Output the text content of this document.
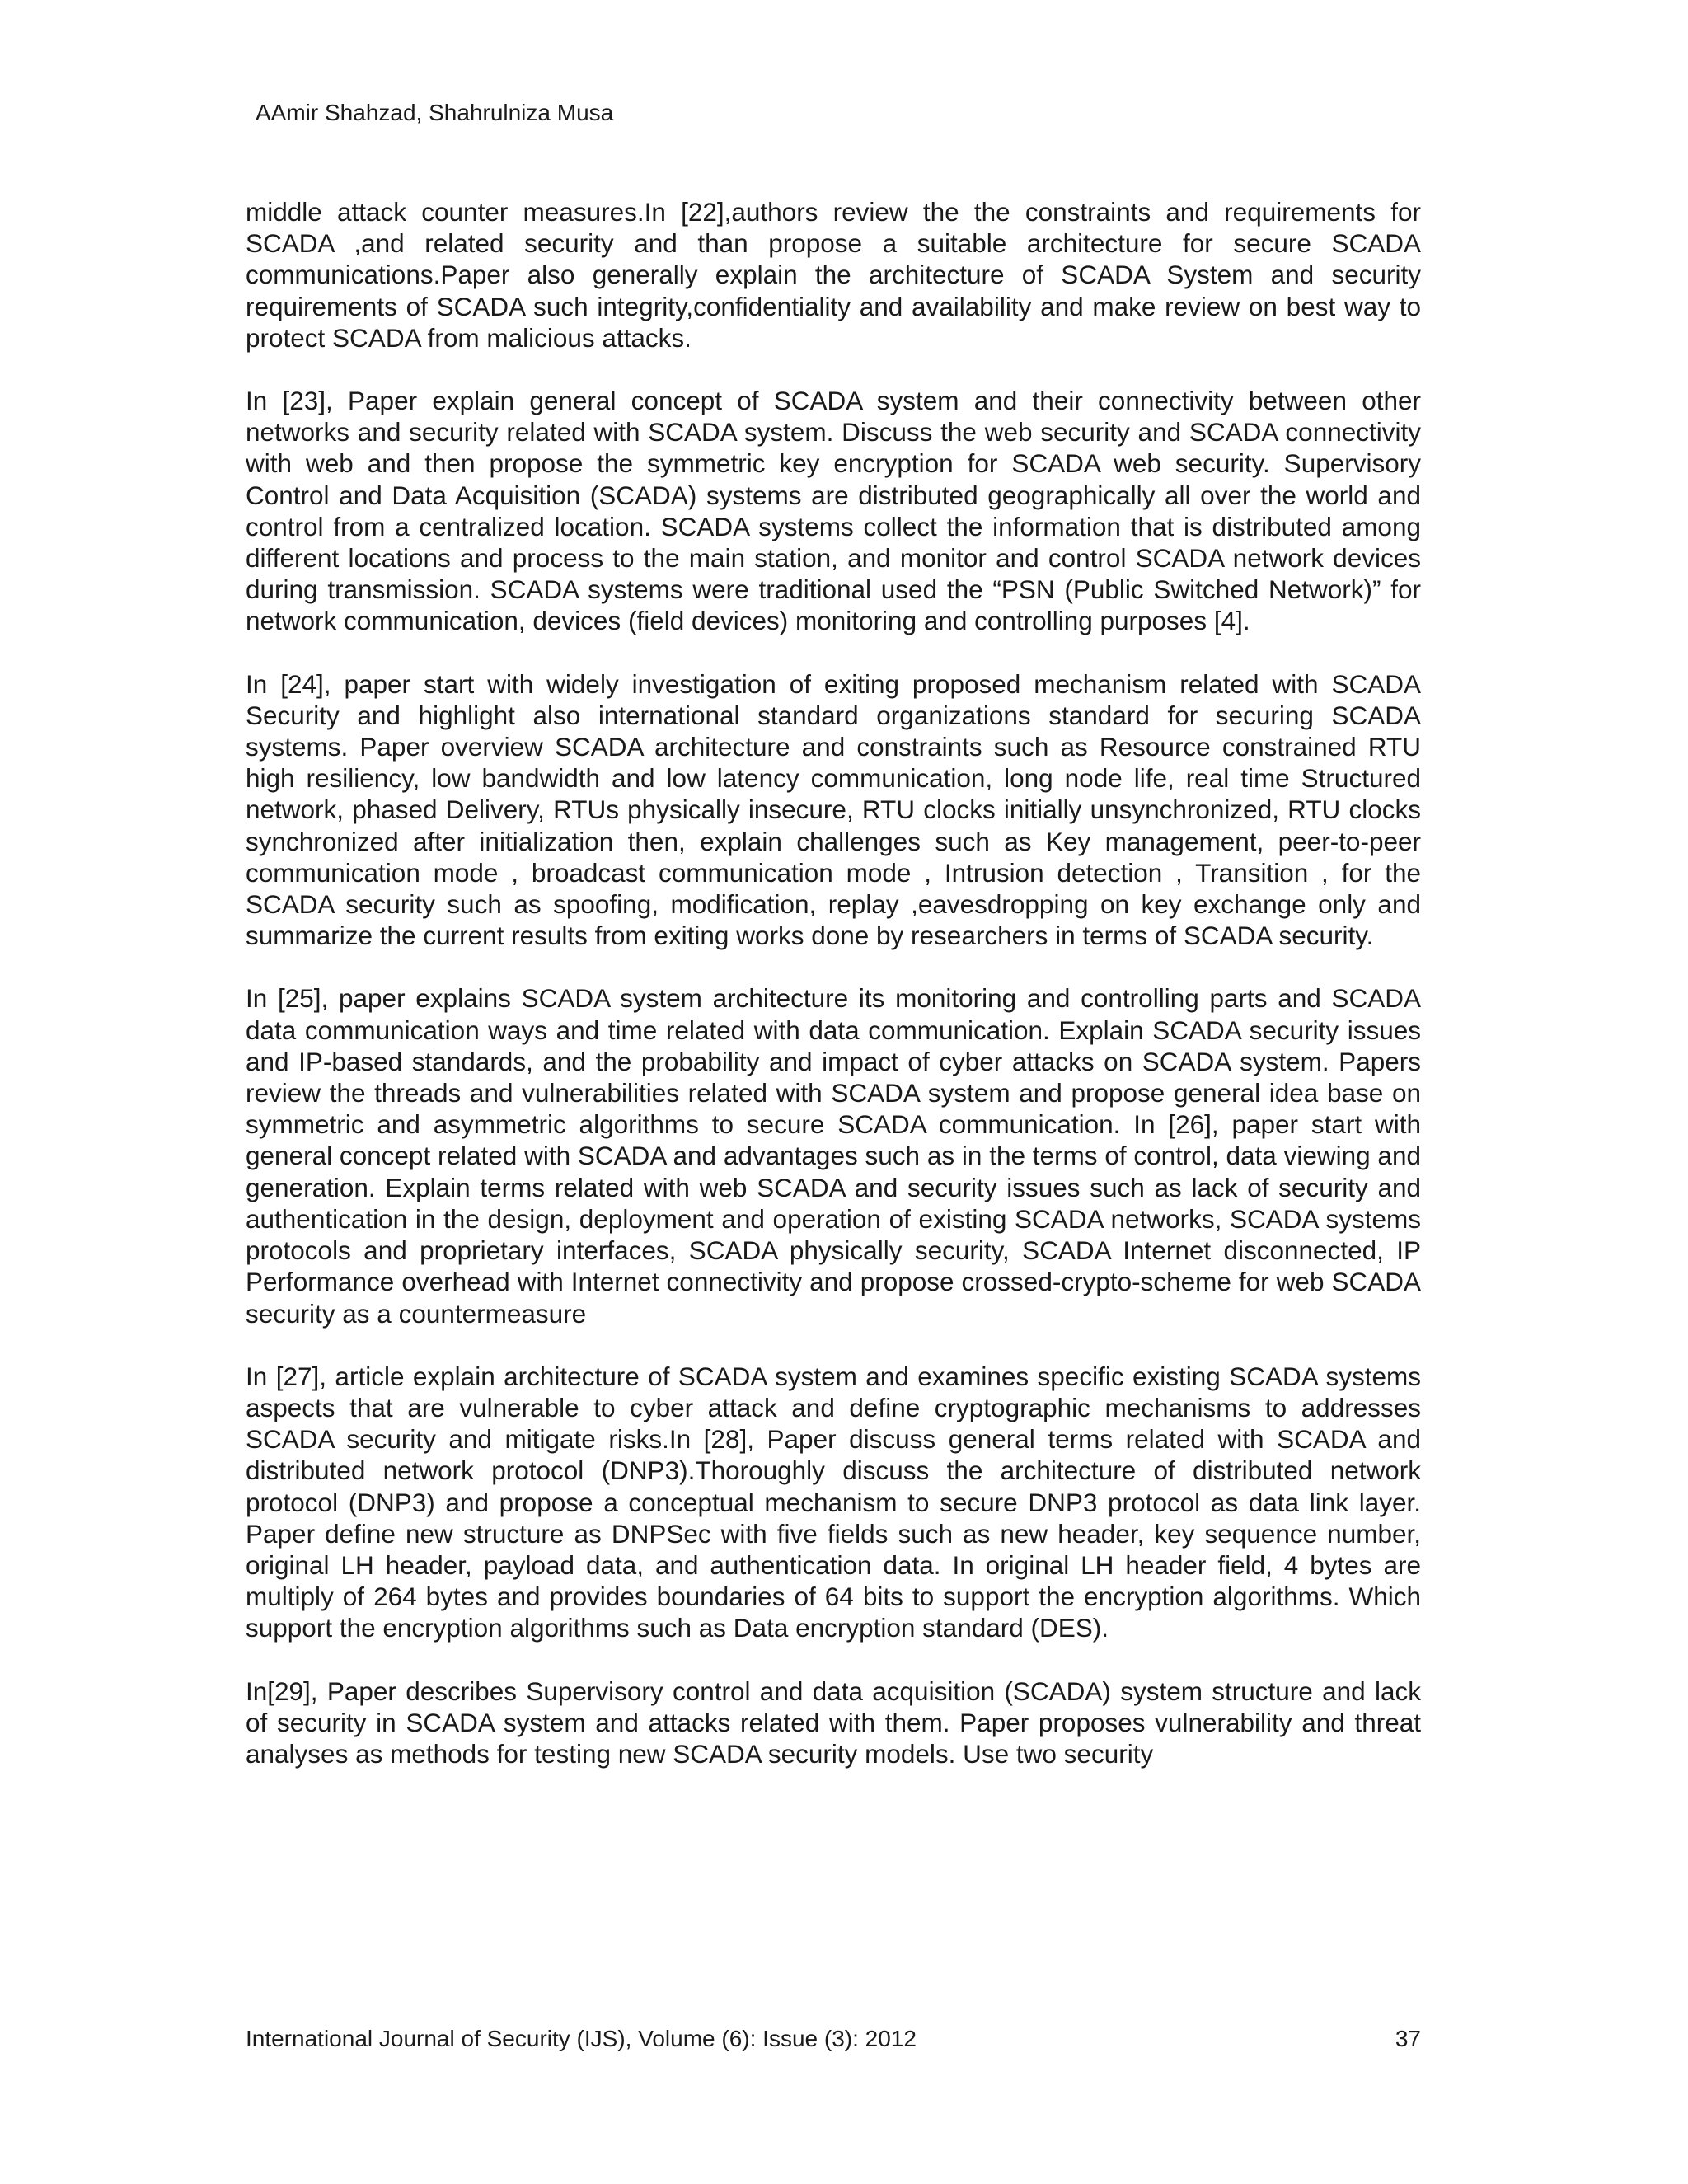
AAmir Shahzad, Shahrulniza Musa

middle attack counter measures.In [22],authors review the the constraints and requirements for SCADA ,and related security and than propose a suitable architecture for secure SCADA communications.Paper also generally explain the architecture of SCADA System and security requirements of SCADA such integrity,confidentiality and availability and make review on best way to protect SCADA from malicious attacks.

In [23], Paper explain general concept of SCADA system and their connectivity between other networks and security related with SCADA system. Discuss the web security and SCADA connectivity with web and then propose the symmetric key encryption for SCADA web security. Supervisory Control and Data Acquisition (SCADA) systems are distributed geographically all over the world and control from a centralized location. SCADA systems collect the information that is distributed among different locations and process to the main station, and monitor and control SCADA network devices during transmission. SCADA systems were traditional used the “PSN (Public Switched Network)” for network communication, devices (field devices) monitoring and controlling purposes [4].

In [24], paper start with widely investigation of exiting proposed mechanism related with SCADA Security and highlight also international standard organizations standard for securing SCADA systems. Paper overview SCADA architecture and constraints such as Resource constrained RTU high resiliency, low bandwidth and low latency communication, long node life, real time Structured network, phased Delivery, RTUs physically insecure, RTU clocks initially unsynchronized, RTU clocks synchronized after initialization then, explain challenges such as Key management, peer-to-peer communication mode , broadcast communication mode , Intrusion detection , Transition , for the SCADA security such as spoofing, modification, replay ,eavesdropping on key exchange only and summarize the current results from exiting works done by researchers in terms of SCADA security.

In [25], paper explains SCADA system architecture its monitoring and controlling parts and SCADA data communication ways and time related with data communication. Explain SCADA security issues and IP-based standards, and the probability and impact of cyber attacks on SCADA system. Papers review the threads and vulnerabilities related with SCADA system and propose general idea base on symmetric and asymmetric algorithms to secure SCADA communication. In [26], paper start with general concept related with SCADA and advantages such as in the terms of control, data viewing and generation. Explain terms related with web SCADA and security issues such as lack of security and authentication in the design, deployment and operation of existing SCADA networks, SCADA systems protocols and proprietary interfaces, SCADA physically security, SCADA Internet disconnected, IP Performance overhead with Internet connectivity and propose crossed-crypto-scheme for web SCADA security as a countermeasure

In [27], article explain architecture of SCADA system and examines specific existing SCADA systems aspects that are vulnerable to cyber attack and define cryptographic mechanisms to addresses SCADA security and mitigate risks.In [28], Paper discuss general terms related with SCADA and distributed network protocol (DNP3).Thoroughly discuss the architecture of distributed network protocol (DNP3) and propose a conceptual mechanism to secure DNP3 protocol as data link layer. Paper define new structure as DNPSec with five fields such as new header, key sequence number, original LH header, payload data, and authentication data. In original LH header field, 4 bytes are multiply of 264 bytes and provides boundaries of 64 bits to support the encryption algorithms. Which support the encryption algorithms such as Data encryption standard (DES).

In[29], Paper describes Supervisory control and data acquisition (SCADA) system structure and lack of security in SCADA system and attacks related with them. Paper proposes vulnerability and threat analyses as methods for testing new SCADA security models. Use two security

International Journal of Security (IJS), Volume (6): Issue (3): 2012	37
